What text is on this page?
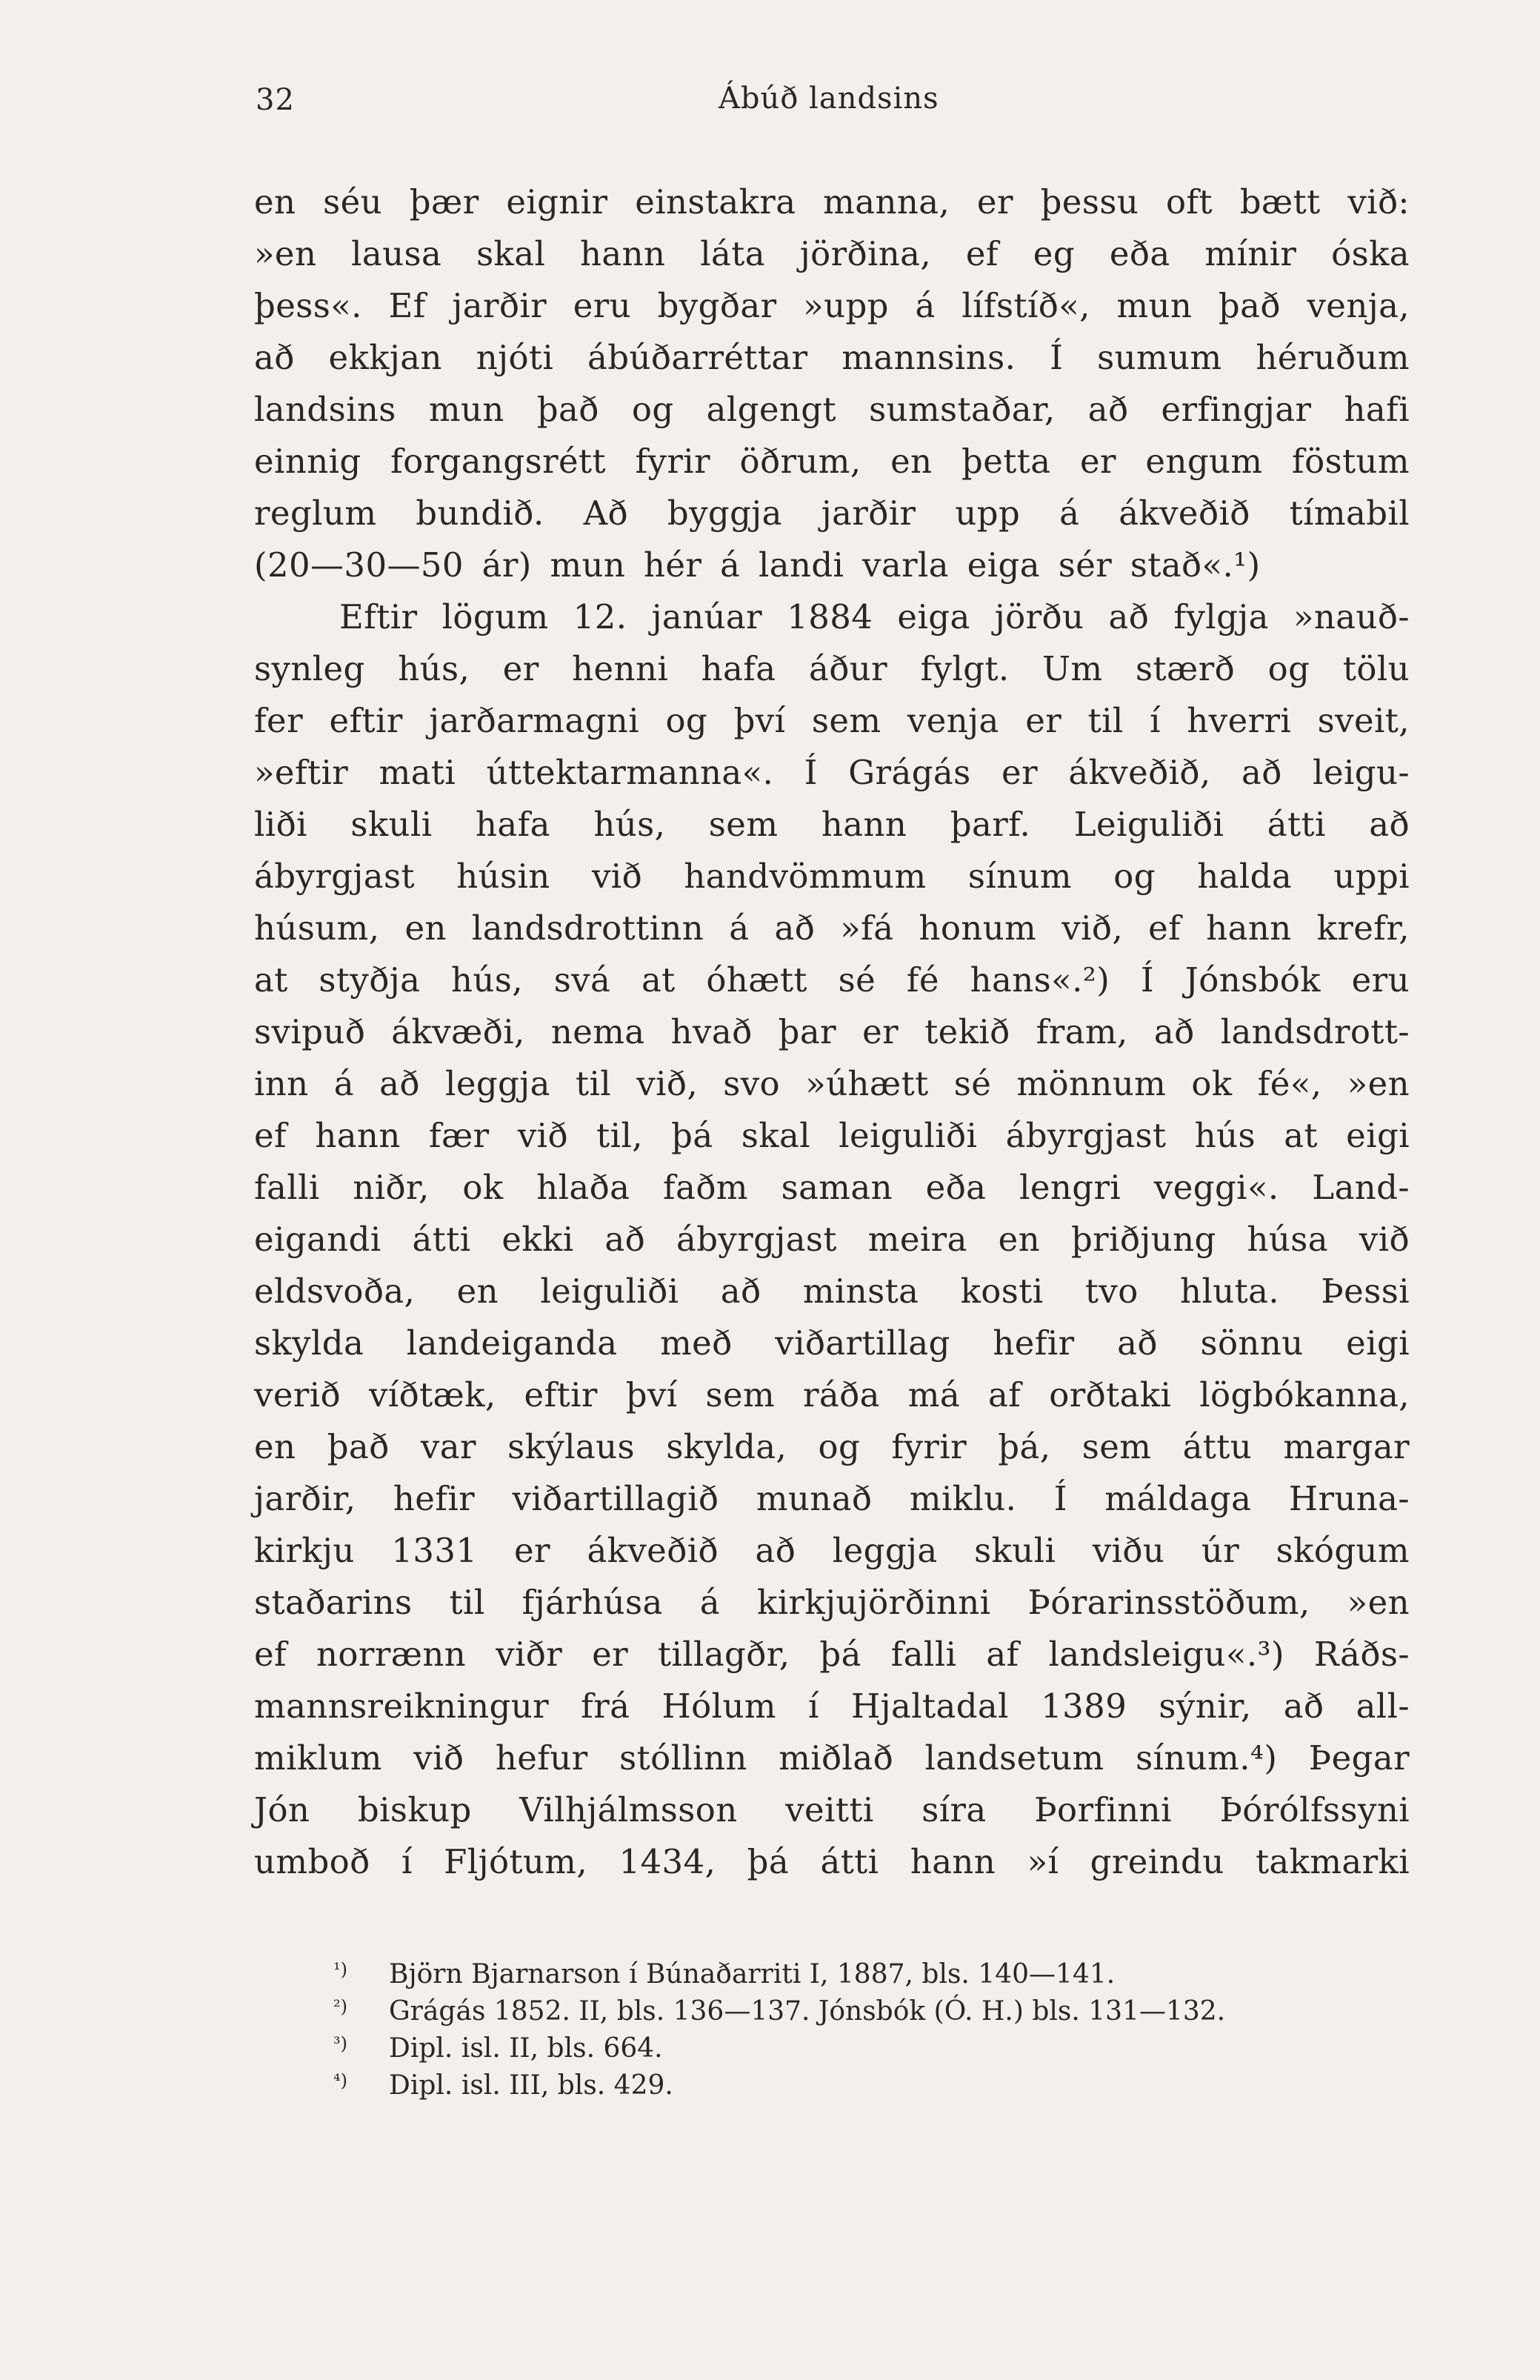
32	Ábúð landsins
en séu þær eignir einstakra manna, er þessu oft bætt við:
»en lausa skal hann láta jörðina, ef eg eða mínir óska
þess«. Ef jarðir eru bygðar »upp á lífstíð«, mun það venja,
að ekkjan njóti ábúðarréttar mannsins. Í sumum héruðum
landsins mun það og algengt sumstaðar, að erfingjar hafi
einnig forgangsrétt fyrir öðrum, en þetta er engum föstum
reglum bundið. Að byggja jarðir upp á ákveðið tímabil
(20—30—50 ár) mun hér á landi varla eiga sér stað«.¹)
Eftir lögum 12. janúar 1884 eiga jörðu að fylgja »nauð-
synleg hús, er henni hafa áður fylgt. Um stærð og tölu
fer eftir jarðarmagni og því sem venja er til í hverri sveit,
»eftir mati úttektarmanna«. Í Grágás er ákveðið, að leigu-
liði skuli hafa hús, sem hann þarf. Leiguliði átti að
ábyrgjast húsin við handvömmum sínum og halda uppi
húsum, en landsdrottinn á að »fá honum við, ef hann krefr,
at styðja hús, svá at óhætt sé fé hans«.²) Í Jónsbók eru
svipuð ákvæði, nema hvað þar er tekið fram, að landsdrott-
inn á að leggja til við, svo »úhætt sé mönnum ok fé«, »en
ef hann fær við til, þá skal leiguliði ábyrgjast hús at eigi
falli niðr, ok hlaða faðm saman eða lengri veggi«. Land-
eigandi átti ekki að ábyrgjast meira en þriðjung húsa við
eldsvoða, en leiguliði að minsta kosti tvo hluta. Þessi
skylda landeiganda með viðartillag hefir að sönnu eigi
verið víðtæk, eftir því sem ráða má af orðtaki lögbókanna,
en það var skýlaus skylda, og fyrir þá, sem áttu margar
jarðir, hefir viðartillagið munað miklu. Í máldaga Hruna-
kirkju 1331 er ákveðið að leggja skuli viðu úr skógum
staðarins til fjárhúsa á kirkjujörðinni Þórarinsstöðum, »en
ef norrænn viðr er tillagðr, þá falli af landsleigu«.³) Ráðs-
mannsreikningur frá Hólum í Hjaltadal 1389 sýnir, að all-
miklum við hefur stóllinn miðlað landsetum sínum.⁴) Þegar
Jón biskup Vilhjálmsson veitti síra Þorfinni Þórólfssyni
umboð í Fljótum, 1434, þá átti hann »í greindu takmarki
¹) Björn Bjarnarson í Búnaðarriti I, 1887, bls. 140—141.
²) Grágás 1852. II, bls. 136—137. Jónsbók (Ó. H.) bls. 131—132.
³) Dipl. isl. II, bls. 664.
⁴) Dipl. isl. III, bls. 429.
